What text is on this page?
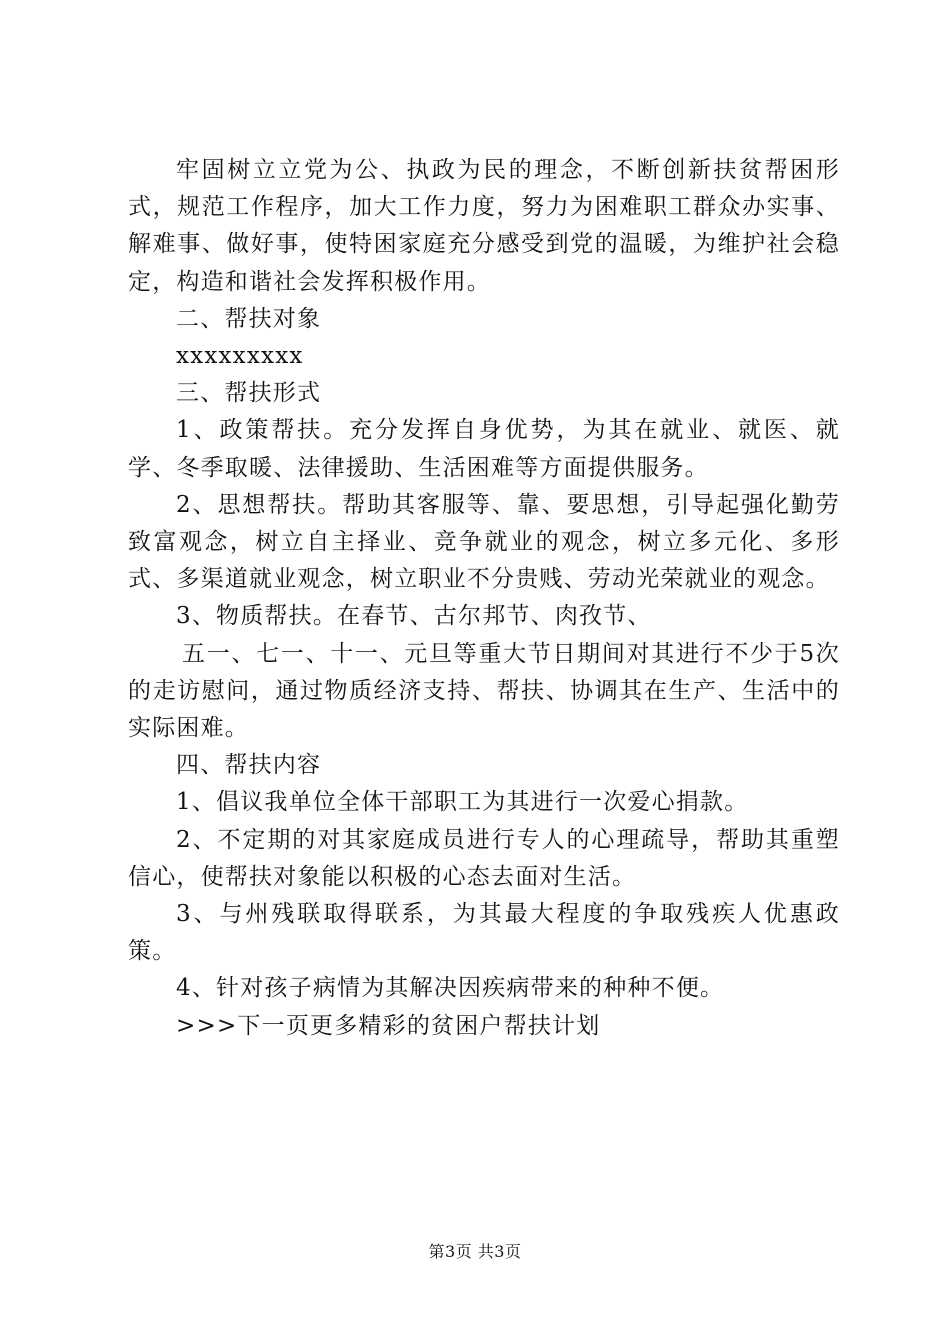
牢固树立立党为公、执政为民的理念，不断创新扶贫帮困形式，规范工作程序，加大工作力度，努力为困难职工群众办实事、解难事、做好事，使特困家庭充分感受到党的温暖，为维护社会稳定，构造和谐社会发挥积极作用。

二、帮扶对象

xxxxxxxxx

三、帮扶形式

1、政策帮扶。充分发挥自身优势，为其在就业、就医、就学、冬季取暖、法律援助、生活困难等方面提供服务。

2、思想帮扶。帮助其客服等、靠、要思想，引导起强化勤劳致富观念，树立自主择业、竞争就业的观念，树立多元化、多形式、多渠道就业观念，树立职业不分贵贱、劳动光荣就业的观念。

3、物质帮扶。在春节、古尔邦节、肉孜节、

五一、七一、十一、元旦等重大节日期间对其进行不少于5次的走访慰问，通过物质经济支持、帮扶、协调其在生产、生活中的实际困难。

四、帮扶内容

1、倡议我单位全体干部职工为其进行一次爱心捐款。

2、不定期的对其家庭成员进行专人的心理疏导，帮助其重塑信心，使帮扶对象能以积极的心态去面对生活。

3、与州残联取得联系，为其最大程度的争取残疾人优惠政策。

4、针对孩子病情为其解决因疾病带来的种种不便。

>>>下一页更多精彩的贫困户帮扶计划

第3页 共3页
